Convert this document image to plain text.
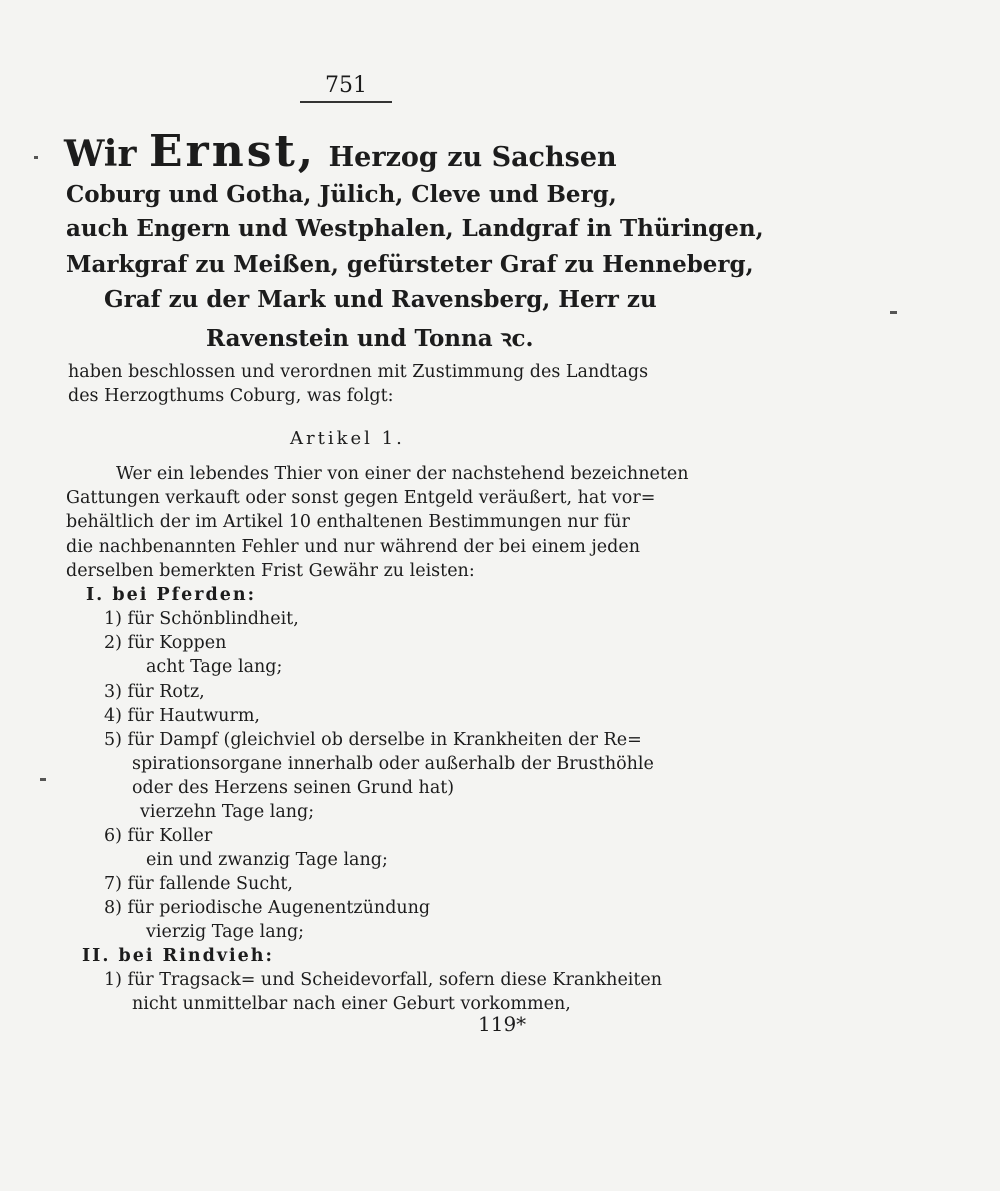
751
Wir Ernst, Herzog zu Sachsen
Coburg und Gotha, Jülich, Cleve und Berg,
auch Engern und Westphalen, Landgraf in Thüringen,
Markgraf zu Meißen, gefürsteter Graf zu Henneberg,
Graf zu der Mark und Ravensberg, Herr zu
Ravenstein und Tonna ꝛc.
haben beschlossen und verordnen mit Zustimmung des Landtags
des Herzogthums Coburg, was folgt:
Artikel 1.
Wer ein lebendes Thier von einer der nachstehend bezeichneten
Gattungen verkauft oder sonst gegen Entgeld veräußert, hat vor=
behältlich der im Artikel 10 enthaltenen Bestimmungen nur für
die nachbenannten Fehler und nur während der bei einem jeden
derselben bemerkten Frist Gewähr zu leisten:
I. bei Pferden:
1) für Schönblindheit,
2) für Koppen
acht Tage lang;
3) für Rotz,
4) für Hautwurm,
5) für Dampf (gleichviel ob derselbe in Krankheiten der Re=
spirationsorgane innerhalb oder außerhalb der Brusthöhle
oder des Herzens seinen Grund hat)
vierzehn Tage lang;
6) für Koller
ein und zwanzig Tage lang;
7) für fallende Sucht,
8) für periodische Augenentzündung
vierzig Tage lang;
II. bei Rindvieh:
1) für Tragsack= und Scheidevorfall, sofern diese Krankheiten
nicht unmittelbar nach einer Geburt vorkommen,
119*
